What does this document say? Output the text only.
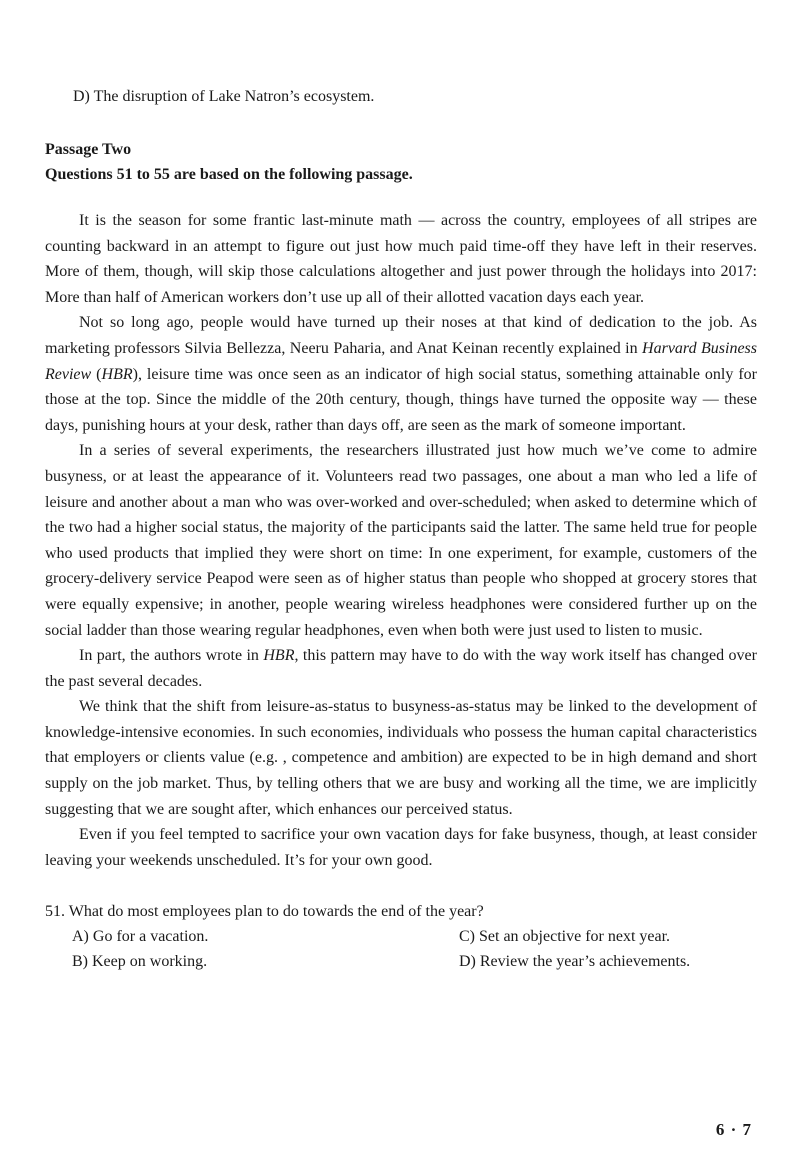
D) The disruption of Lake Natron’s ecosystem.
Passage Two
Questions 51 to 55 are based on the following passage.

It is the season for some frantic last-minute math — across the country, employees of all stripes are counting backward in an attempt to figure out just how much paid time-off they have left in their reserves. More of them, though, will skip those calculations altogether and just power through the holidays into 2017: More than half of American workers don’t use up all of their allotted vacation days each year.

Not so long ago, people would have turned up their noses at that kind of dedication to the job. As marketing professors Silvia Bellezza, Neeru Paharia, and Anat Keinan recently explained in Harvard Business Review (HBR), leisure time was once seen as an indicator of high social status, something attainable only for those at the top. Since the middle of the 20th century, though, things have turned the opposite way — these days, punishing hours at your desk, rather than days off, are seen as the mark of someone important.

In a series of several experiments, the researchers illustrated just how much we’ve come to admire busyness, or at least the appearance of it. Volunteers read two passages, one about a man who led a life of leisure and another about a man who was over-worked and over-scheduled; when asked to determine which of the two had a higher social status, the majority of the participants said the latter. The same held true for people who used products that implied they were short on time: In one experiment, for example, customers of the grocery-delivery service Peapod were seen as of higher status than people who shopped at grocery stores that were equally expensive; in another, people wearing wireless headphones were considered further up on the social ladder than those wearing regular headphones, even when both were just used to listen to music.

In part, the authors wrote in HBR, this pattern may have to do with the way work itself has changed over the past several decades.

We think that the shift from leisure-as-status to busyness-as-status may be linked to the development of knowledge-intensive economies. In such economies, individuals who possess the human capital characteristics that employers or clients value (e.g. , competence and ambition) are expected to be in high demand and short supply on the job market. Thus, by telling others that we are busy and working all the time, we are implicitly suggesting that we are sought after, which enhances our perceived status.

Even if you feel tempted to sacrifice your own vacation days for fake busyness, though, at least consider leaving your weekends unscheduled. It’s for your own good.

51. What do most employees plan to do towards the end of the year?
A) Go for a vacation.	C) Set an objective for next year.
B) Keep on working.	D) Review the year’s achievements.
6 · 7
